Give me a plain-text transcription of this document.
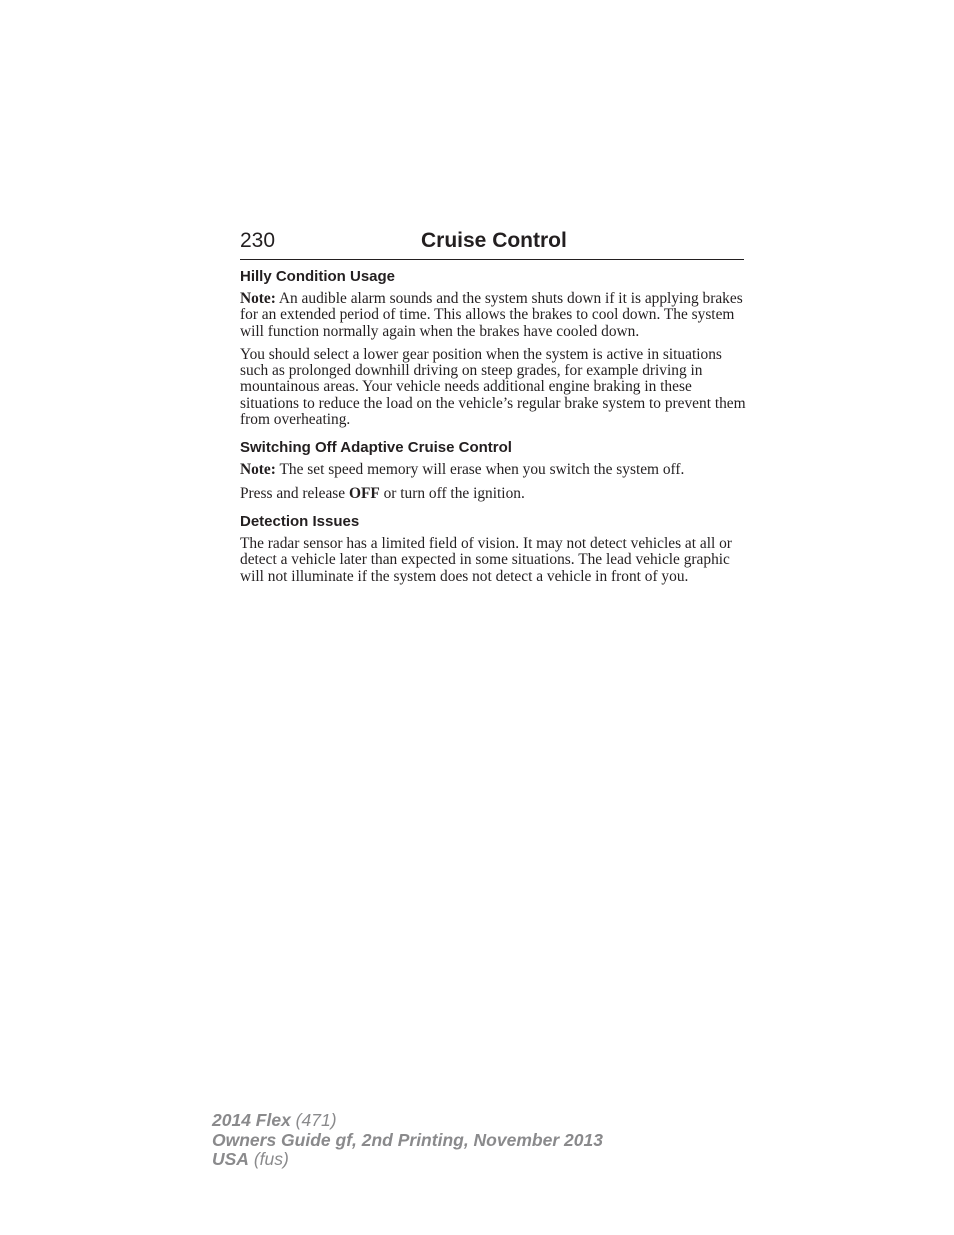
230	Cruise Control
Hilly Condition Usage

Note: An audible alarm sounds and the system shuts down if it is applying brakes for an extended period of time. This allows the brakes to cool down. The system will function normally again when the brakes have cooled down.

You should select a lower gear position when the system is active in situations such as prolonged downhill driving on steep grades, for example driving in mountainous areas. Your vehicle needs additional engine braking in these situations to reduce the load on the vehicle’s regular brake system to prevent them from overheating.

Switching Off Adaptive Cruise Control

Note: The set speed memory will erase when you switch the system off.

Press and release OFF or turn off the ignition.

Detection Issues

The radar sensor has a limited field of vision. It may not detect vehicles at all or detect a vehicle later than expected in some situations. The lead vehicle graphic will not illuminate if the system does not detect a vehicle in front of you.

2014 Flex (471)
Owners Guide gf, 2nd Printing, November 2013
USA (fus)
